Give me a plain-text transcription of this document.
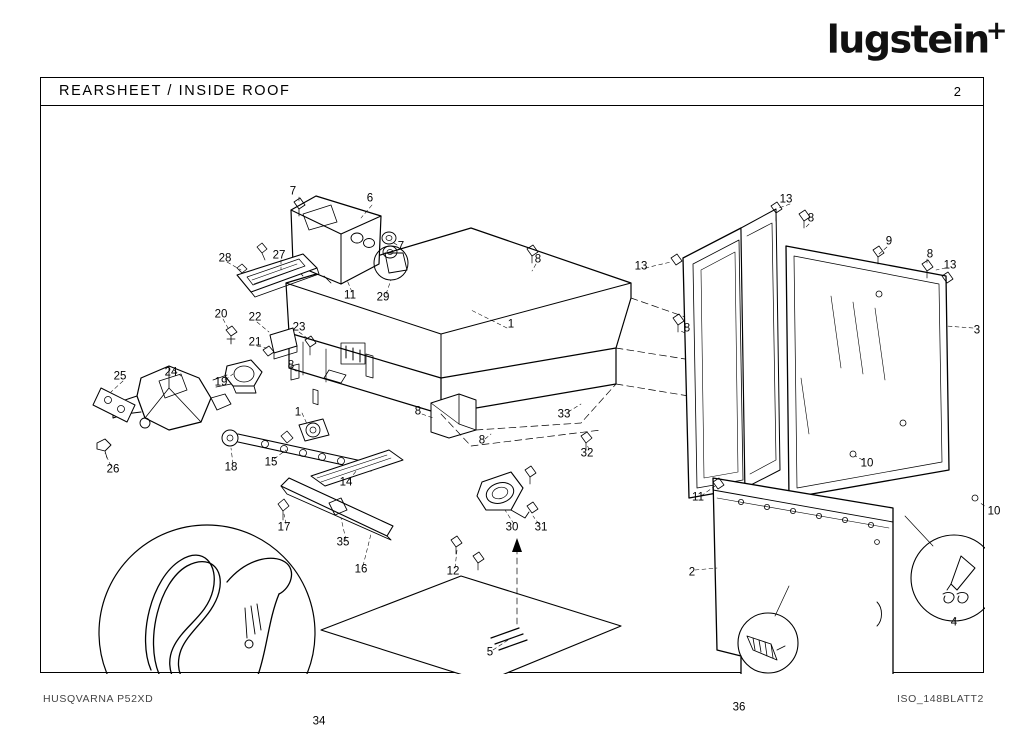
lugstein+
REARSHEET / INSIDE ROOF	2
1
1
2
3
4
5
6
7
7
8
8
8
8
8
8
8
9
10
10
11
11
12
13
13	13
14
15
16
17
18
19
20
21
22
23
24
25
26
27
28
29
30 31
32
33
34
35
36
HUSQVARNA P52XD	ISO_148BLATT2
